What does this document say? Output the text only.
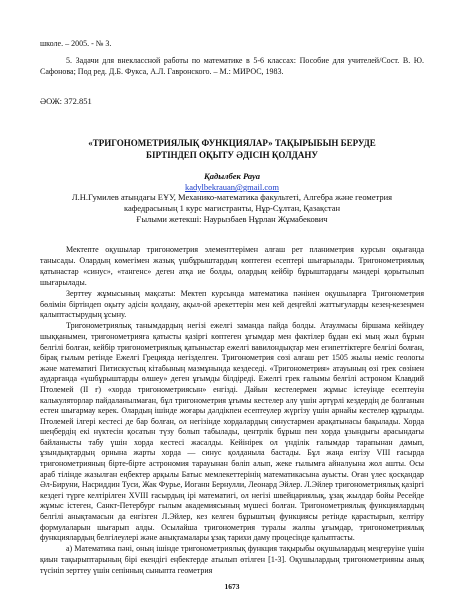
школе. – 2005. - № 3.
5. Задачи для внеклассной работы по математике в 5-6 классах: Пособие для учителей/Сост. В. Ю. Сафонова; Под ред. Д.Б. Фукса, А.Л. Гавронского. – М.: МИРОС, 1983.
ӘОЖ: 372.851
«ТРИГОНОМЕТРИЯЛЫҚ ФУНКЦИЯЛАР» ТАҚЫРЫБЫН БЕРУДЕ
БІРТІНДЕП ОҚЫТУ ӘДІСІН ҚОЛДАНУ
Қадылбек Рауа
kadylbekrauan@gmail.com
Л.Н.Гумилев атындағы ЕҰУ, Механико-математика факультеті, Алгебра және геометрия
кафедрасының 1 курс магистранты, Нұр-Сұлтан, Қазақстан
Ғылыми жетекші: Наурызбаев Нұрлан Жұмабекович

Мектепте оқушылар тригонометрия элементтерімен алғаш рет планиметрия курсын оқығанда танысады. Олардың көмегімен жазық үшбұрыштардың көптеген есептері шығарылады. Тригонометриялық қатынастар «синус», «тангенс» деген атқа ие болды, олардың кейбір бұрыштардағы мәндері қорытылып шығарылады.

Зерттеу жұмысының мақсаты: Мектеп курсында математика пәнінен оқушыларға Тригонометрия бөлімін біртіндеп оқыту әдісін қолдану, ақыл-ой әрекеттерін мен кей деңгейлі жаттығуларды кезең-кезеңмен қалыптастырудың ұсыну.

Тригонометриялық танымдардың негізі ежелгі заманда пайда болды. Атаулмасы біршама кейіндеу шыққанымен, тригонометрияға қатысты қазіргі көптеген ұғымдар мен фактілер бұдан екі мың жыл бұрын белгілі болған, кейбір тригонометриялық қатыныстар ежелгі вавилондықтар мен египеттіктерге белгілі болған, бірақ ғылым ретінде Ежелгі Грецияда негізделген. Тригонометрия сөзі алғаш рет 1505 жылы неміс геологы және математигі Питискустың кітабының мазмұнында кездеседі. «Тригонометрия» атауының өзі грек сөзінен аударғанда «үшбұрыштарды өлшеу» деген ұғымды білдіреді. Ежелгі грек ғалымы белгілі астроном Клавдий Птолемей (II ғ) «хорда тригонометриясын» енгізді. Дайын кестелермен жұмыс істеуінде есептеуін калькуляторлар пайдаланылмаған, бұл тригонометрия ұғымы кестелер алу үшін әртүрлі кездердің де болғанын естен шығармау керек. Олардың ішінде жоғары дәлдікпен есептеулер жүргізу үшін арнайы кестелер құрылды. Птолемей ілгері кестесі де бар болған, ол негізінде хордалардың синустармен арақатынасы бақылады. Хорда шеңбердің екі нүктесін қосатын түзу болып табылады, центрлік бұрыш пен хорда ұзындығы арасындағы байланысты табу үшін хорда кестесі жасалды. Кейінірек ол үнділік ғалымдар тарапынан дамып, ұзындықтардың орнына жарты хорда — синус қолданыла бастады. Бұл жаңа енгізу VIII ғасырда тригонометрияның бірте-бірте астрономия тарауынан бөліп алып, жеке ғылымға айналуына жол ашты. Осы араб тілінде жазылған еңбектер арқылы Батыс мемлекеттерінің математикасына ауысты. Оған үлес қосқандар Әл-Бируни, Насриддин Туси, Жак Фурье, Иоганн Бернулли, Леонард Эйлер. Л.Эйлер тригонометриялық қазіргі кездегі түрге келтірілген XVIII ғасырдың ірі математигі, ол негізі швейцариялық, ұзақ жылдар бойы Ресейде жұмыс істеген, Санкт-Петербург ғылым академиясының мүшесі болған. Тригонометриялық функциялардың белгілі анықтамасын да енгізген Л.Эйлер, кез келген бұрыштың функциясы ретінде қарастырып, келтіру формулаларын шығарып алды. Осылайша тригонометрия туралы жалпы ұғымдар, тригонометриялық функциялардың белгілеулері және анықтамалары ұзақ тарихи даму процесінде қалыптасты.

а) Математика пәні, оның ішінде тригонометриялық функция тақырыбы оқушылардың меңгеруіне үшін қиын тақырыптарының бірі екендігі еңбектерде атылып өтілген [1-3]. Оқушылардың тригонометрияны анық түсініп зерттеу үшін сепінның сыныпта геометрия

1673
